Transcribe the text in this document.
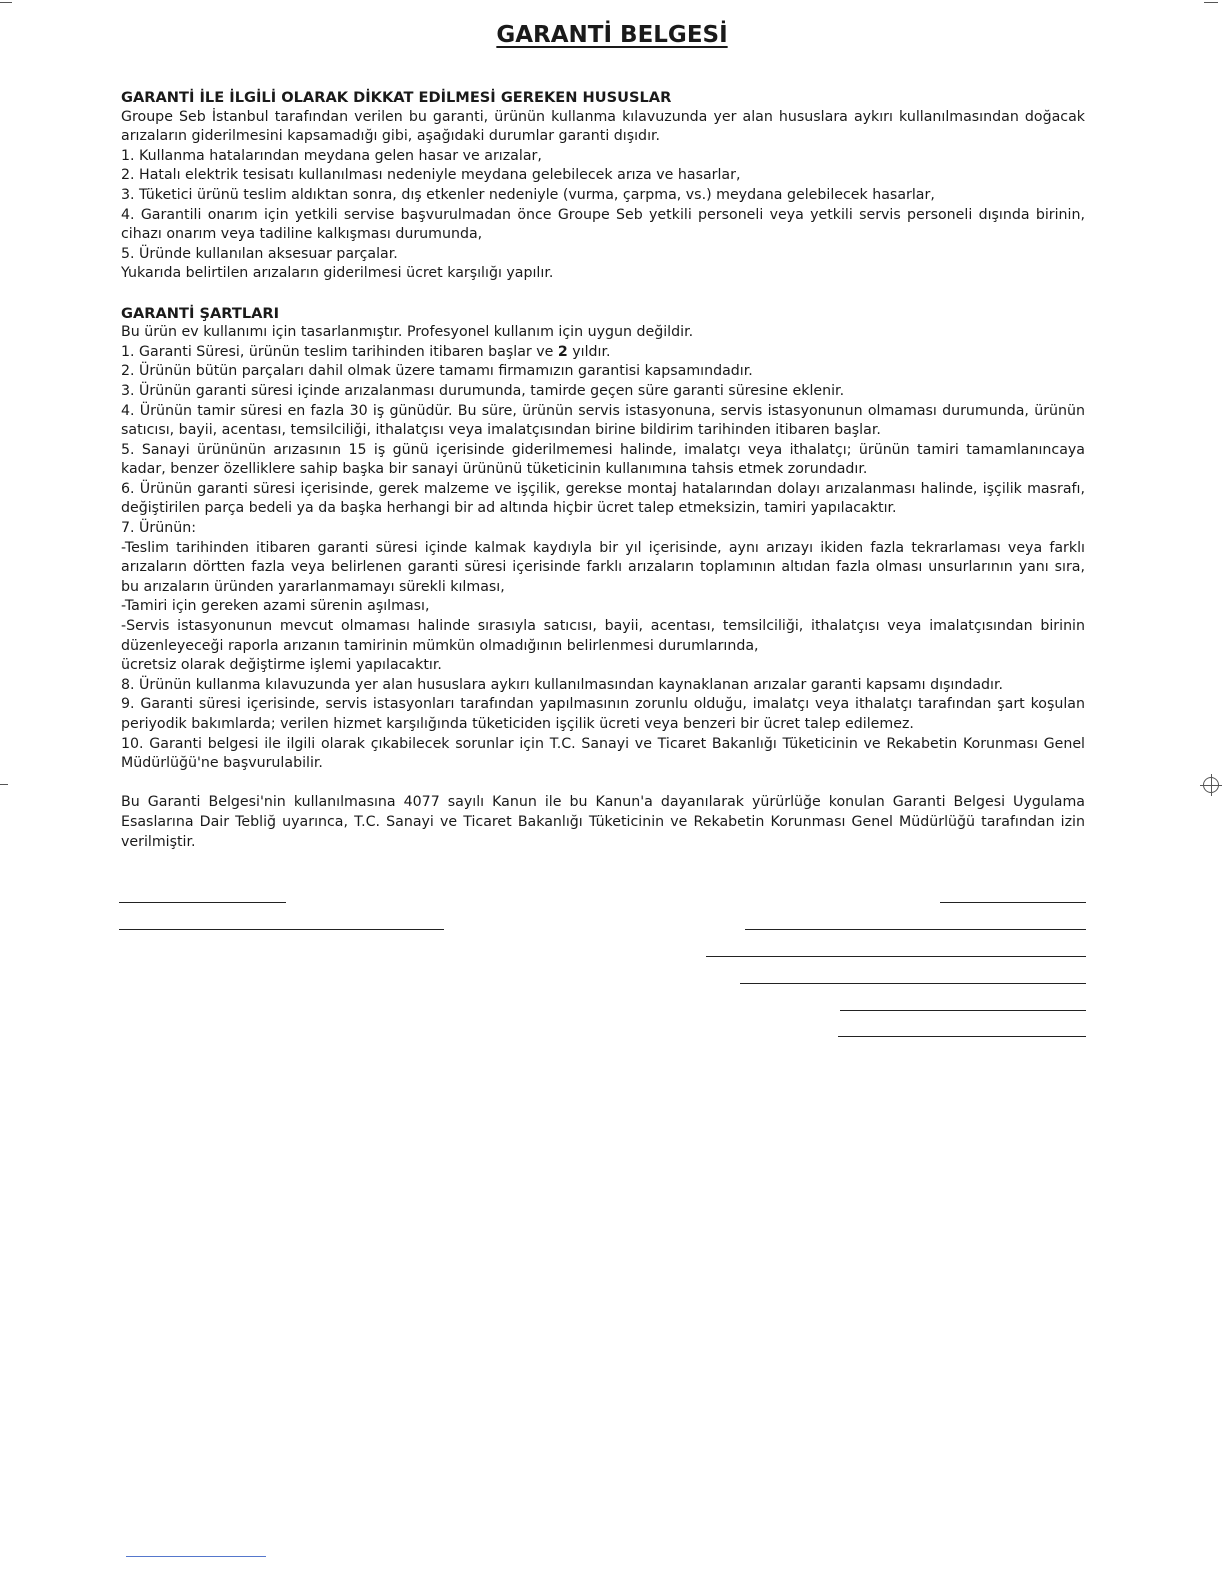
GARANTİ BELGESİ
GARANTİ İLE İLGİLİ OLARAK DİKKAT EDİLMESİ GEREKEN HUSUSLAR

Groupe Seb İstanbul tarafından verilen bu garanti, ürünün kullanma kılavuzunda yer alan hususlara aykırı kullanılmasından doğacak arızaların giderilmesini kapsamadığı gibi, aşağıdaki durumlar garanti dışıdır.

1. Kullanma hatalarından meydana gelen hasar ve arızalar,

2. Hatalı elektrik tesisatı kullanılması nedeniyle meydana gelebilecek arıza ve hasarlar,

3. Tüketici ürünü teslim aldıktan sonra, dış etkenler nedeniyle (vurma, çarpma, vs.) meydana gelebilecek hasarlar,

4. Garantili onarım için yetkili servise başvurulmadan önce Groupe Seb yetkili personeli veya yetkili servis personeli dışında birinin, cihazı onarım veya tadiline kalkışması durumunda,

5. Üründe kullanılan aksesuar parçalar.

Yukarıda belirtilen arızaların giderilmesi ücret karşılığı yapılır.

GARANTİ ŞARTLARI

Bu ürün ev kullanımı için tasarlanmıştır. Profesyonel kullanım için uygun değildir.

1. Garanti Süresi, ürünün teslim tarihinden itibaren başlar ve 2 yıldır.

2. Ürünün bütün parçaları dahil olmak üzere tamamı firmamızın garantisi kapsamındadır.

3. Ürünün garanti süresi içinde arızalanması durumunda, tamirde geçen süre garanti süresine eklenir.

4. Ürünün tamir süresi en fazla 30 iş günüdür. Bu süre, ürünün servis istasyonuna, servis istasyonunun olmaması durumunda, ürünün satıcısı, bayii, acentası, temsilciliği, ithalatçısı veya imalatçısından birine bildirim tarihinden itibaren başlar.

5. Sanayi ürününün arızasının 15 iş günü içerisinde giderilmemesi halinde, imalatçı veya ithalatçı; ürünün tamiri tamamlanıncaya kadar, benzer özelliklere sahip başka bir sanayi ürününü tüketicinin kullanımına tahsis etmek zorundadır.

6. Ürünün garanti süresi içerisinde, gerek malzeme ve işçilik, gerekse montaj hatalarından dolayı arızalanması halinde, işçilik masrafı, değiştirilen parça bedeli ya da başka herhangi bir ad altında hiçbir ücret talep etmeksizin, tamiri yapılacaktır.

7. Ürünün:

-Teslim tarihinden itibaren garanti süresi içinde kalmak kaydıyla bir yıl içerisinde, aynı arızayı ikiden fazla tekrarlaması veya farklı arızaların dörtten fazla veya belirlenen garanti süresi içerisinde farklı arızaların toplamının altıdan fazla olması unsurlarının yanı sıra, bu arızaların üründen yararlanmamayı sürekli kılması,

-Tamiri için gereken azami sürenin aşılması,

-Servis istasyonunun mevcut olmaması halinde sırasıyla satıcısı, bayii, acentası, temsilciliği, ithalatçısı veya imalatçısından birinin düzenleyeceği raporla arızanın tamirinin mümkün olmadığının belirlenmesi durumlarında,

ücretsiz olarak değiştirme işlemi yapılacaktır.

8. Ürünün kullanma kılavuzunda yer alan hususlara aykırı kullanılmasından kaynaklanan arızalar garanti kapsamı dışındadır.

9. Garanti süresi içerisinde, servis istasyonları tarafından yapılmasının zorunlu olduğu, imalatçı veya ithalatçı tarafından şart koşulan periyodik bakımlarda; verilen hizmet karşılığında tüketiciden işçilik ücreti veya benzeri bir ücret talep edilemez.

10. Garanti belgesi ile ilgili olarak çıkabilecek sorunlar için T.C. Sanayi ve Ticaret Bakanlığı Tüketicinin ve Rekabetin Korunması Genel Müdürlüğü'ne başvurulabilir.

Bu Garanti Belgesi'nin kullanılmasına 4077 sayılı Kanun ile bu Kanun'a dayanılarak yürürlüğe konulan Garanti Belgesi Uygulama Esaslarına Dair Tebliğ uyarınca, T.C. Sanayi ve Ticaret Bakanlığı Tüketicinin ve Rekabetin Korunması Genel Müdürlüğü tarafından izin verilmiştir.
